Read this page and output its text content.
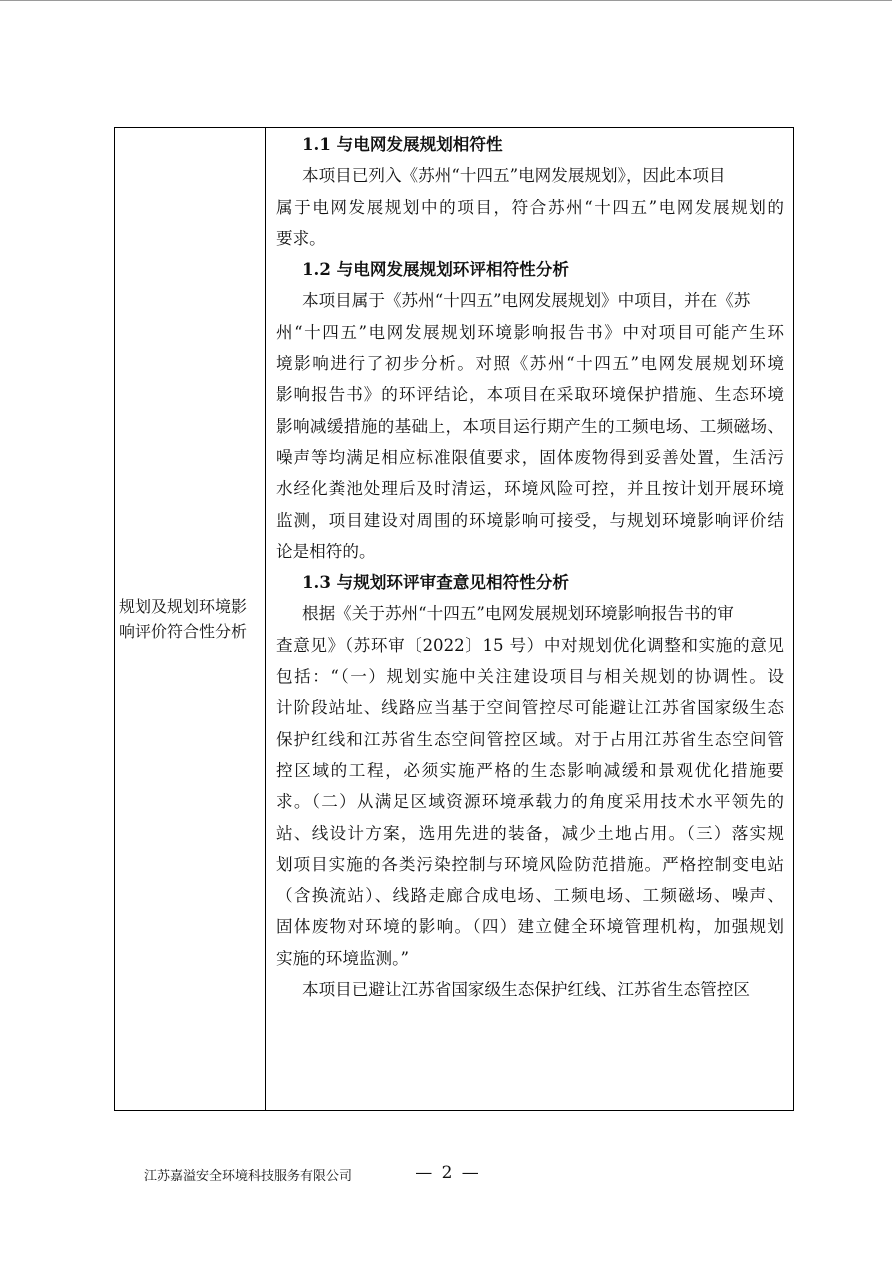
规划及规划环境影响评价符合性分析
1.1 与电网发展规划相符性
本项目已列入《苏州“十四五”电网发展规划》，因此本项目
属于电网发展规划中的项目，符合苏州“十四五”电网发展规划的
要求。
1.2 与电网发展规划环评相符性分析
本项目属于《苏州“十四五”电网发展规划》中项目，并在《苏
州“十四五”电网发展规划环境影响报告书》中对项目可能产生环
境影响进行了初步分析。对照《苏州“十四五”电网发展规划环境
影响报告书》的环评结论，本项目在采取环境保护措施、生态环境
影响减缓措施的基础上，本项目运行期产生的工频电场、工频磁场、
噪声等均满足相应标准限值要求，固体废物得到妥善处置，生活污
水经化粪池处理后及时清运，环境风险可控，并且按计划开展环境
监测，项目建设对周围的环境影响可接受，与规划环境影响评价结
论是相符的。
1.3 与规划环评审查意见相符性分析
根据《关于苏州“十四五”电网发展规划环境影响报告书的审
查意见》（苏环审〔2022〕15 号）中对规划优化调整和实施的意见
包括：“（一）规划实施中关注建设项目与相关规划的协调性。设
计阶段站址、线路应当基于空间管控尽可能避让江苏省国家级生态
保护红线和江苏省生态空间管控区域。对于占用江苏省生态空间管
控区域的工程，必须实施严格的生态影响减缓和景观优化措施要
求。（二）从满足区域资源环境承载力的角度采用技术水平领先的
站、线设计方案，选用先进的装备，减少土地占用。（三）落实规
划项目实施的各类污染控制与环境风险防范措施。严格控制变电站
（含换流站）、线路走廊合成电场、工频电场、工频磁场、噪声、
固体废物对环境的影响。（四）建立健全环境管理机构，加强规划
实施的环境监测。”
本项目已避让江苏省国家级生态保护红线、江苏省生态管控区
江苏嘉溢安全环境科技服务有限公司	— 2 —
